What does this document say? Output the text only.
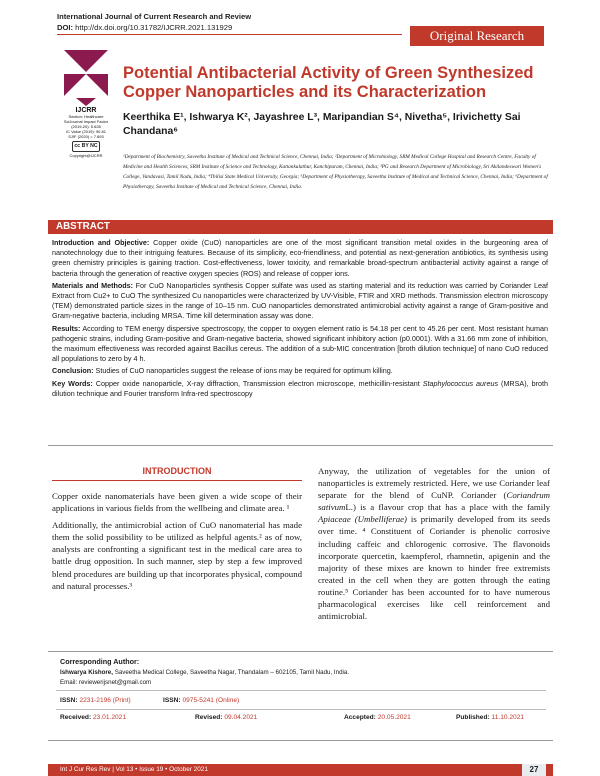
International Journal of Current Research and Review
DOI: http://dx.doi.org/10.31782/IJCRR.2021.131929
Original Research
IJCRR
Section: Healthcare
SciJournal Impact Factor
(2019-20): 5.628
IC Value (2019): 90.81
SJIF (2020) = 7.893
cc BY NC
Copyright@IJCRR
Potential Antibacterial Activity of Green Synthesized Copper Nanoparticles and its Characterization
Keerthika E¹, Ishwarya K², Jayashree L³, Maripandian S⁴, Nivetha⁵, Irivichetty Sai Chandana⁶
¹Department of Biochemistry, Saveetha Institute of Medical and Technical Science, Chennai, India; ²Department of Microbiology, SRM Medical College Hospital and Research Centre, Faculty of Medicine and Health Sciences, SRM Institute of Science and Technology, Kattankulathur, Kanchipuram, Chennai, India; ³PG and Research Department of Microbiology, Sri Akilandeswari Women's College, Vandavasi, Tamil Nadu, India; ⁴Tbilisi State Medical University, Georgia; ⁵Department of Physiotherapy, Saveetha Institute of Medical and Technical Science, Chennai, India; ⁶Department of Physiotherapy, Saveetha Institute of Medical and Technical Science, Chennai, India.
ABSTRACT

Introduction and Objective: Copper oxide (CuO) nanoparticles are one of the most significant transition metal oxides in the burgeoning area of nanotechnology due to their intriguing features. Because of its simplicity, eco-friendliness, and potential as next-generation antibiotics, its synthesis using green chemistry principles is gaining traction. Cost-effectiveness, lower toxicity, and remarkable broad-spectrum antibacterial activity against a range of bacteria through the generation of reactive oxygen species (ROS) and release of copper ions.

Materials and Methods: For CuO Nanoparticles synthesis Copper sulfate was used as starting material and its reduction was carried by Coriander Leaf Extract from Cu2+ to CuO The synthesized Cu nanoparticles were characterized by UV-Visible, FTIR and XRD methods. Transmission electron microscopy (TEM) demonstrated particle sizes in the range of 10–15 nm. CuO nanoparticles demonstrated antimicrobial activity against a range of Gram-positive and Gram-negative bacteria, including MRSA. Time kill determination assay was done.

Results: According to TEM energy dispersive spectroscopy, the copper to oxygen element ratio is 54.18 per cent to 45.26 per cent. Most resistant human pathogenic strains, including Gram-positive and Gram-negative bacteria, showed significant inhibitory action (p0.0001). With a 31.66 mm zone of inhibition, the maximum effectiveness was recorded against Bacillus cereus. The addition of a sub-MIC concentration [broth dilution technique] of nano CuO reduced all populations to zero by 4 h.

Conclusion: Studies of CuO nanoparticles suggest the release of ions may be required for optimum killing.

Key Words: Copper oxide nanoparticle, X-ray diffraction, Transmission electron microscope, methicillin-resistant Staphylococcus aureus (MRSA), broth dilution technique and Fourier transform Infra-red spectroscopy

INTRODUCTION

Copper oxide nanomaterials have been given a wide scope of their applications in various fields from the wellbeing and climate area. ¹

Additionally, the antimicrobial action of CuO nanomaterial has made them the solid possibility to be utilized as helpful agents.² as of now, analysts are confronting a significant test in the medical care area to battle drug opposition. In such manner, step by step a few improved blend procedures are building up that incorporates physical, compound and natural processes.³

Anyway, the utilization of vegetables for the union of nanoparticles is extremely restricted. Here, we use Coriander leaf separate for the blend of CuNP. Coriander (Coriandrum sativumL.) is a flavour crop that has a place with the family Apiaceae (Umbelliferae) is primarily developed from its seeds over time. ⁴ Constituent of Coriander is phenolic corrosive including caffeic and chlorogenic corrosive. The flavonoids incorporate quercetin, kaempferol, rhamnetin, apigenin and the majority of these mixes are known to hinder free extremists created in the cell when they are gotten through the eating routine.⁵ Coriander has been accounted for to have numerous pharmacological exercises like cell reinforcement and antimicrobial.

Corresponding Author:
Ishwarya Kishore, Saveetha Medical College, Saveetha Nagar, Thandalam – 602105, Tamil Nadu, India.
Email: reviewerijsnet@gmail.com
ISSN: 2231-2196 (Print)	ISSN: 0975-5241 (Online)
Received: 23.01.2021	Revised: 09.04.2021	Accepted: 20.05.2021	Published: 11.10.2021
Int J Cur Res Rev | Vol 13 • Issue 19 • October 2021	27
